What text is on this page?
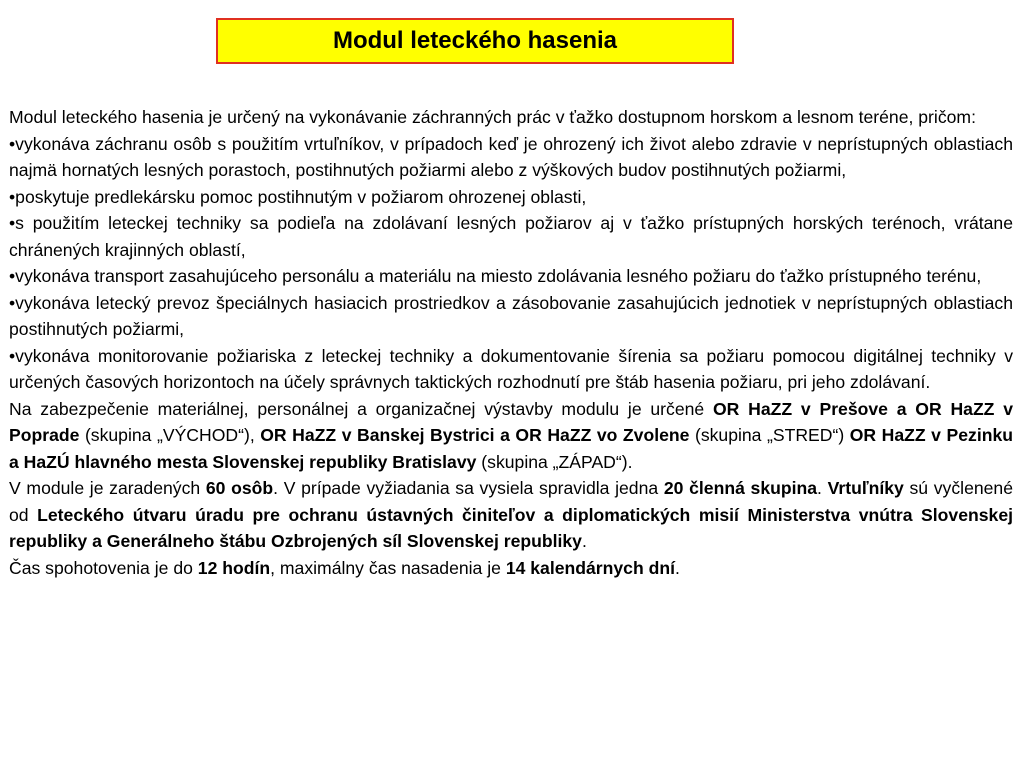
Modul leteckého hasenia

Modul leteckého hasenia je určený na vykonávanie záchranných prác v ťažko dostupnom horskom a lesnom teréne, pričom:

•vykonáva záchranu osôb s použitím vrtuľníkov, v prípadoch keď je ohrozený ich život alebo zdravie v neprístupných oblastiach najmä hornatých lesných porastoch, postihnutých požiarmi alebo z výškových budov postihnutých požiarmi,

•poskytuje predlekársku pomoc postihnutým v požiarom ohrozenej oblasti,

•s použitím leteckej techniky sa podieľa na zdolávaní lesných požiarov aj v ťažko prístupných horských terénoch, vrátane chránených krajinných oblastí,

•vykonáva transport zasahujúceho personálu a materiálu na miesto zdolávania lesného požiaru do ťažko prístupného terénu,

•vykonáva letecký prevoz špeciálnych hasiacich prostriedkov a zásobovanie zasahujúcich jednotiek v neprístupných oblastiach postihnutých požiarmi,

•vykonáva monitorovanie požiariska z leteckej techniky a dokumentovanie šírenia sa požiaru pomocou digitálnej techniky v určených časových horizontoch na účely správnych taktických rozhodnutí pre štáb hasenia požiaru, pri jeho zdolávaní.

Na zabezpečenie materiálnej, personálnej a organizačnej výstavby modulu je určené OR HaZZ v Prešove a OR HaZZ v Poprade (skupina „VÝCHOD“), OR HaZZ v Banskej Bystrici a OR HaZZ vo Zvolene (skupina „STRED“) OR HaZZ v Pezinku a HaZÚ hlavného mesta Slovenskej republiky Bratislavy (skupina „ZÁPAD“).

V module je zaradených 60 osôb. V prípade vyžiadania sa vysiela spravidla jedna 20 členná skupina. Vrtuľníky sú vyčlenené od Leteckého útvaru úradu pre ochranu ústavných činiteľov a diplomatických misií Ministerstva vnútra Slovenskej republiky a Generálneho štábu Ozbrojených síl Slovenskej republiky.

Čas spohotovenia je do 12 hodín, maximálny čas nasadenia je 14 kalendárnych dní.
